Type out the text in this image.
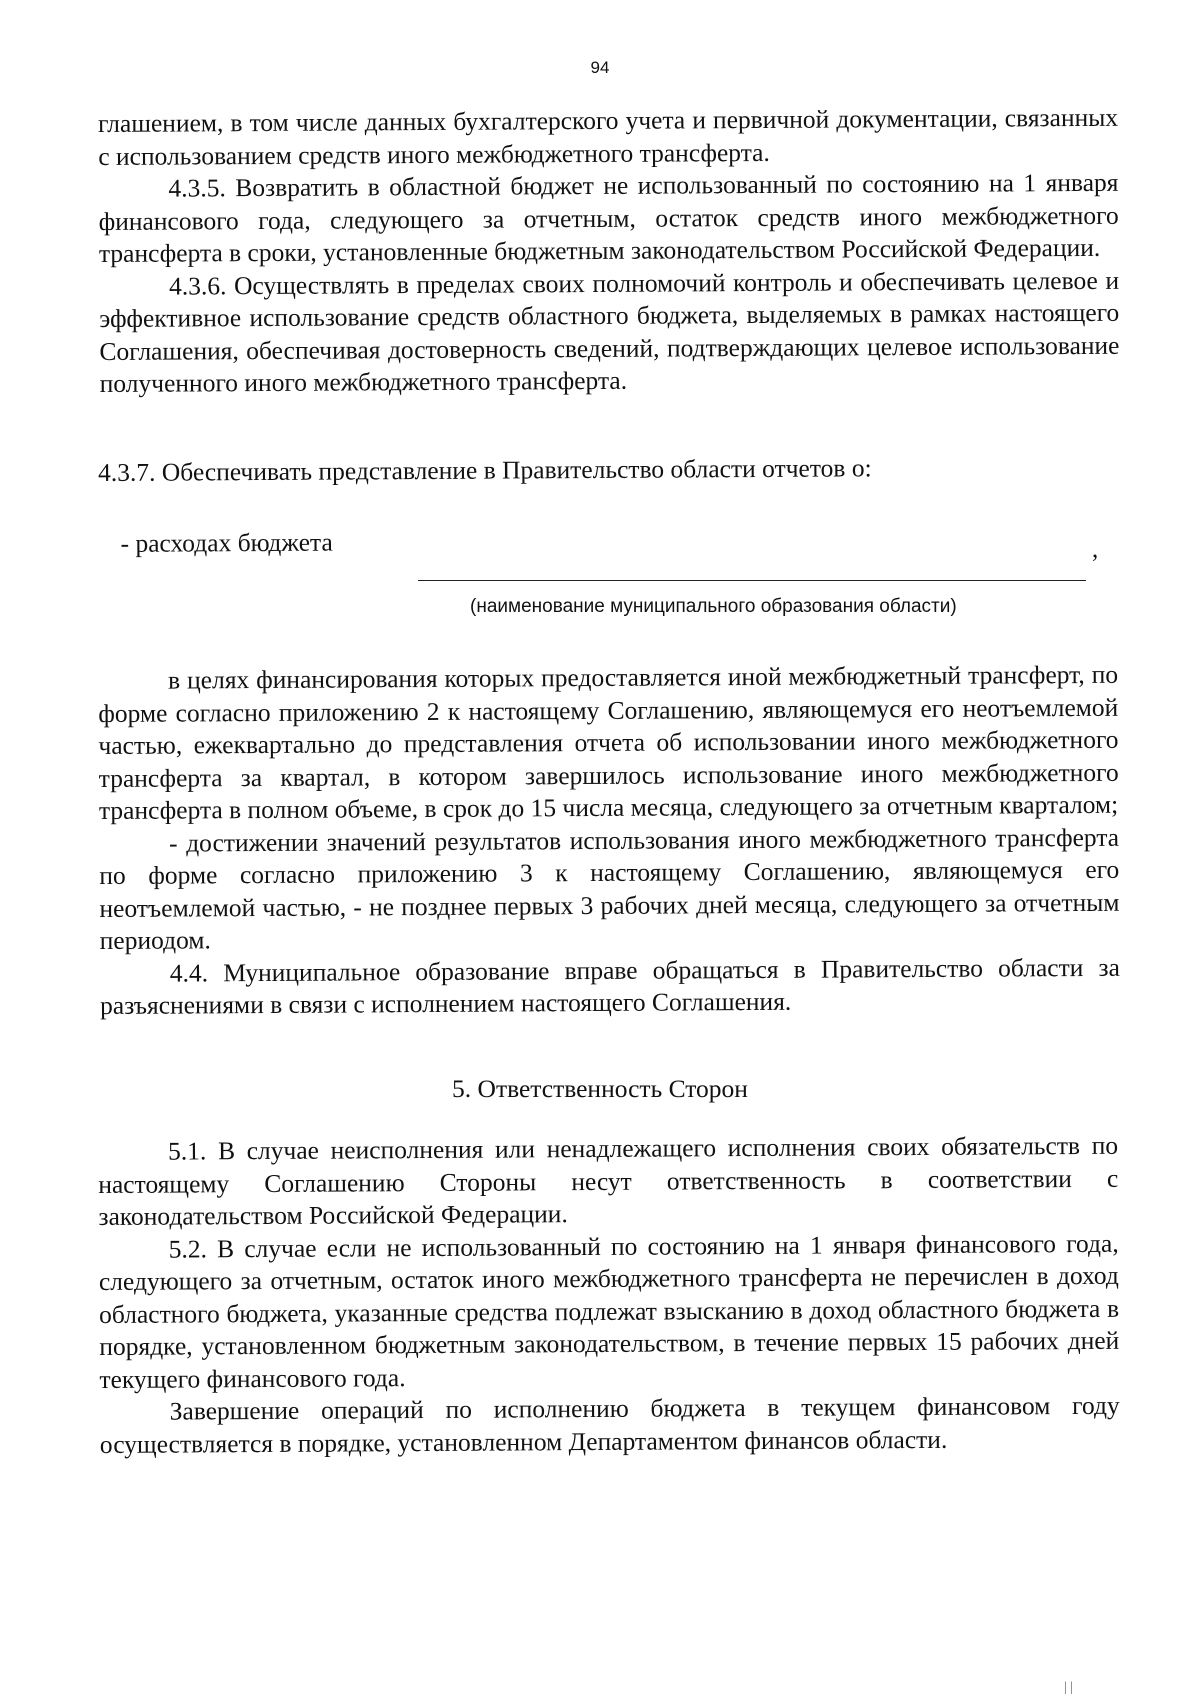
94

глашением, в том числе данных бухгалтерского учета и первичной документации, связанных с использованием средств иного межбюджетного трансферта.

4.3.5. Возвратить в областной бюджет не использованный по состоянию на 1 января финансового года, следующего за отчетным, остаток средств иного межбюджетного трансферта в сроки, установленные бюджетным законодательством Российской Федерации.

4.3.6. Осуществлять в пределах своих полномочий контроль и обеспечивать целевое и эффективное использование средств областного бюджета, выделяемых в рамках настоящего Соглашения, обеспечивая достоверность сведений, подтверждающих целевое использование полученного иного межбюджетного трансферта.

4.3.7. Обеспечивать представление в Правительство области отчетов о:

- расходах бюджета	,
(наименование муниципального образования области)

в целях финансирования которых предоставляется иной межбюджетный трансферт, по форме согласно приложению 2 к настоящему Соглашению, являющемуся его неотъемлемой частью, ежеквартально до представления отчета об использовании иного межбюджетного трансферта за квартал, в котором завершилось использование иного межбюджетного трансферта в полном объеме, в срок до 15 числа месяца, следующего за отчетным кварталом;

- достижении значений результатов использования иного межбюджетного трансферта по форме согласно приложению 3 к настоящему Соглашению, являющемуся его неотъемлемой частью, - не позднее первых 3 рабочих дней месяца, следующего за отчетным периодом.

4.4. Муниципальное образование вправе обращаться в Правительство области за разъяснениями в связи с исполнением настоящего Соглашения.

5. Ответственность Сторон

5.1. В случае неисполнения или ненадлежащего исполнения своих обязательств по настоящему Соглашению Стороны несут ответственность в соответствии с законодательством Российской Федерации.

5.2. В случае если не использованный по состоянию на 1 января финансового года, следующего за отчетным, остаток иного межбюджетного трансферта не перечислен в доход областного бюджета, указанные средства подлежат взысканию в доход областного бюджета в порядке, установленном бюджетным законодательством, в течение первых 15 рабочих дней текущего финансового года.

Завершение операций по исполнению бюджета в текущем финансовом году осуществляется в порядке, установленном Департаментом финансов области.

| |
